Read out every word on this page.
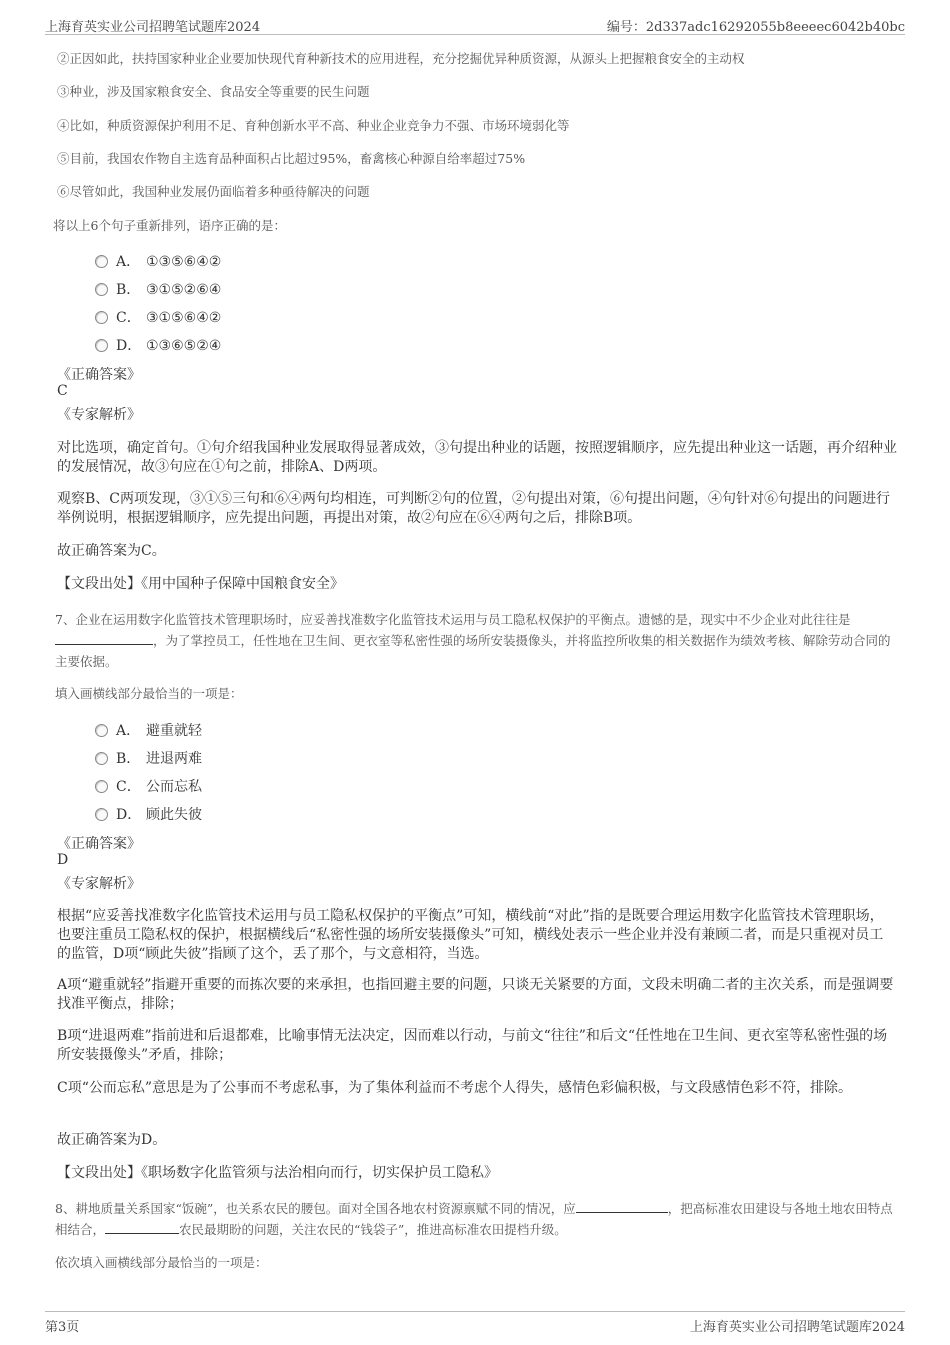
上海育英实业公司招聘笔试题库2024	编号：2d337adc16292055b8eeeec6042b40bc
②正因如此，扶持国家种业企业要加快现代育种新技术的应用进程，充分挖掘优异种质资源，从源头上把握粮食安全的主动权
③种业，涉及国家粮食安全、食品安全等重要的民生问题
④比如，种质资源保护利用不足、育种创新水平不高、种业企业竞争力不强、市场环境弱化等
⑤目前，我国农作物自主选育品种面积占比超过95%，畜禽核心种源自给率超过75%
⑥尽管如此，我国种业发展仍面临着多种亟待解决的问题
将以上6个句子重新排列，语序正确的是：
A． ①③⑤⑥④②
B． ③①⑤②⑥④
C． ③①⑤⑥④②
D． ①③⑥⑤②④
《正确答案》
C
《专家解析》
对比选项，确定首句。①句介绍我国种业发展取得显著成效，③句提出种业的话题，按照逻辑顺序，应先提出种业这一话题，再介绍种业的发展情况，故③句应在①句之前，排除A、D两项。
观察B、C两项发现，③①⑤三句和⑥④两句均相连，可判断②句的位置，②句提出对策，⑥句提出问题，④句针对⑥句提出的问题进行举例说明，根据逻辑顺序，应先提出问题，再提出对策，故②句应在⑥④两句之后，排除B项。
故正确答案为C。
【文段出处】《用中国种子保障中国粮食安全》
7、企业在运用数字化监管技术管理职场时，应妥善找准数字化监管技术运用与员工隐私权保护的平衡点。遗憾的是，现实中不少企业对此往往是，为了掌控员工，任性地在卫生间、更衣室等私密性强的场所安装摄像头，并将监控所收集的相关数据作为绩效考核、解除劳动合同的主要依据。
填入画横线部分最恰当的一项是：
A． 避重就轻
B． 进退两难
C． 公而忘私
D． 顾此失彼
《正确答案》
D
《专家解析》
根据“应妥善找准数字化监管技术运用与员工隐私权保护的平衡点”可知，横线前“对此”指的是既要合理运用数字化监管技术管理职场，也要注重员工隐私权的保护，根据横线后“私密性强的场所安装摄像头”可知，横线处表示一些企业并没有兼顾二者，而是只重视对员工的监管，D项“顾此失彼”指顾了这个，丢了那个，与文意相符，当选。
A项“避重就轻”指避开重要的而拣次要的来承担，也指回避主要的问题，只谈无关紧要的方面，文段未明确二者的主次关系，而是强调要找准平衡点，排除；
B项“进退两难”指前进和后退都难，比喻事情无法决定，因而难以行动，与前文“往往”和后文“任性地在卫生间、更衣室等私密性强的场所安装摄像头”矛盾，排除；
C项“公而忘私”意思是为了公事而不考虑私事，为了集体利益而不考虑个人得失，感情色彩偏积极，与文段感情色彩不符，排除。
故正确答案为D。
【文段出处】《职场数字化监管须与法治相向而行，切实保护员工隐私》
8、耕地质量关系国家“饭碗”，也关系农民的腰包。面对全国各地农村资源禀赋不同的情况，应	，把高标准农田建设与各地土地农田特点相结合，	农民最期盼的问题，关注农民的“钱袋子”，推进高标准农田提档升级。
依次填入画横线部分最恰当的一项是：
第3页	上海育英实业公司招聘笔试题库2024
